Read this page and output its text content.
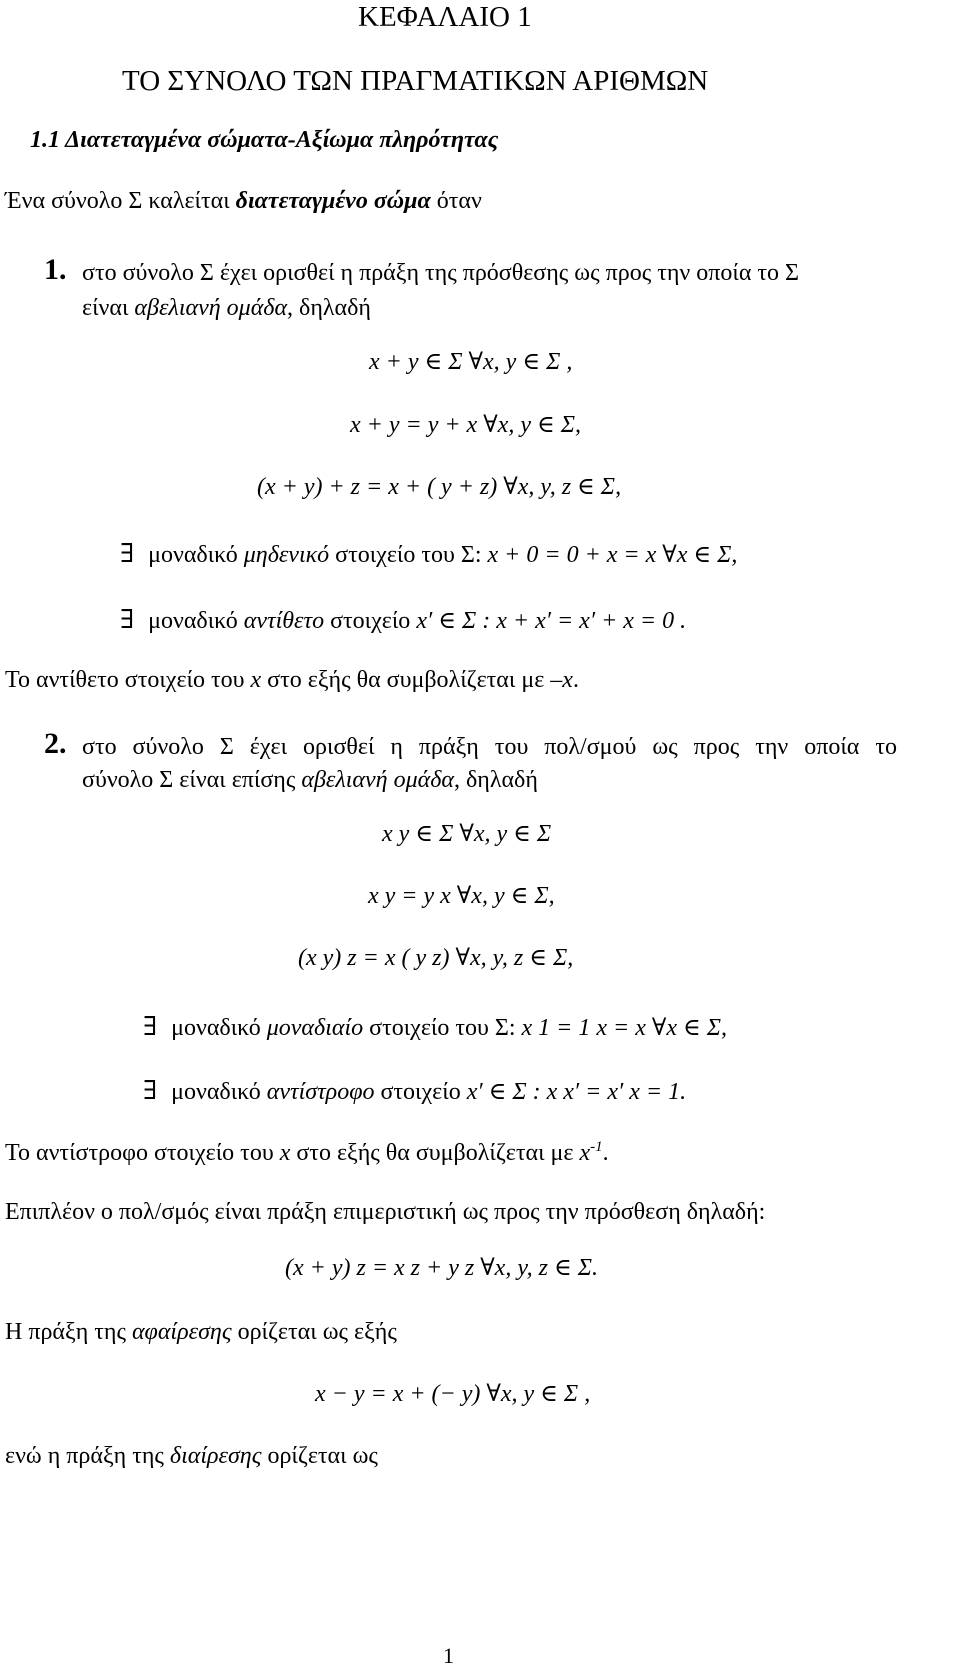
ΚΕΦΑΛΑΙΟ 1
ΤΟ ΣΥΝΟΛΟ ΤΩΝ ΠΡΑΓΜΑΤΙΚΩΝ ΑΡΙΘΜΩΝ
1.1 Διατεταγμένα σώματα-Αξίωμα πληρότητας
Ένα σύνολο Σ καλείται διατεταγμένο σώμα όταν
1. στο σύνολο Σ έχει ορισθεί η πράξη της πρόσθεσης ως προς την οποία το Σ
είναι αβελιανή ομάδα, δηλαδή
x + y ∈ Σ ∀x, y ∈ Σ ,
x + y = y + x ∀x, y ∈ Σ,
(x + y) + z = x + ( y + z) ∀x, y, z ∈ Σ,
∃ μοναδικό μηδενικό στοιχείο του Σ: x + 0 = 0 + x = x ∀x ∈ Σ,
∃ μοναδικό αντίθετο στοιχείο x′ ∈ Σ : x + x′ = x′ + x = 0 .
Το αντίθετο στοιχείο του x στο εξής θα συμβολίζεται με –x.
2. στο σύνολο Σ έχει ορισθεί η πράξη του πολ/σμού ως προς την οποία το
σύνολο Σ είναι επίσης αβελιανή ομάδα, δηλαδή
x y ∈ Σ ∀x, y ∈ Σ
x y = y x ∀x, y ∈ Σ,
(x y) z = x ( y z) ∀x, y, z ∈ Σ,
∃ μοναδικό μοναδιαίο στοιχείο του Σ: x 1 = 1 x = x ∀x ∈ Σ,
∃ μοναδικό αντίστροφο στοιχείο x′ ∈ Σ : x x′ = x′ x = 1.
Το αντίστροφο στοιχείο του x στο εξής θα συμβολίζεται με $x^{-1}$.
Επιπλέον ο πολ/σμός είναι πράξη επιμεριστική ως προς την πρόσθεση δηλαδή:
(x + y) z = x z + y z ∀x, y, z ∈ Σ.
Η πράξη της αφαίρεσης ορίζεται ως εξής
x − y = x + (− y) ∀x, y ∈ Σ ,
ενώ η πράξη της διαίρεσης ορίζεται ως
1
